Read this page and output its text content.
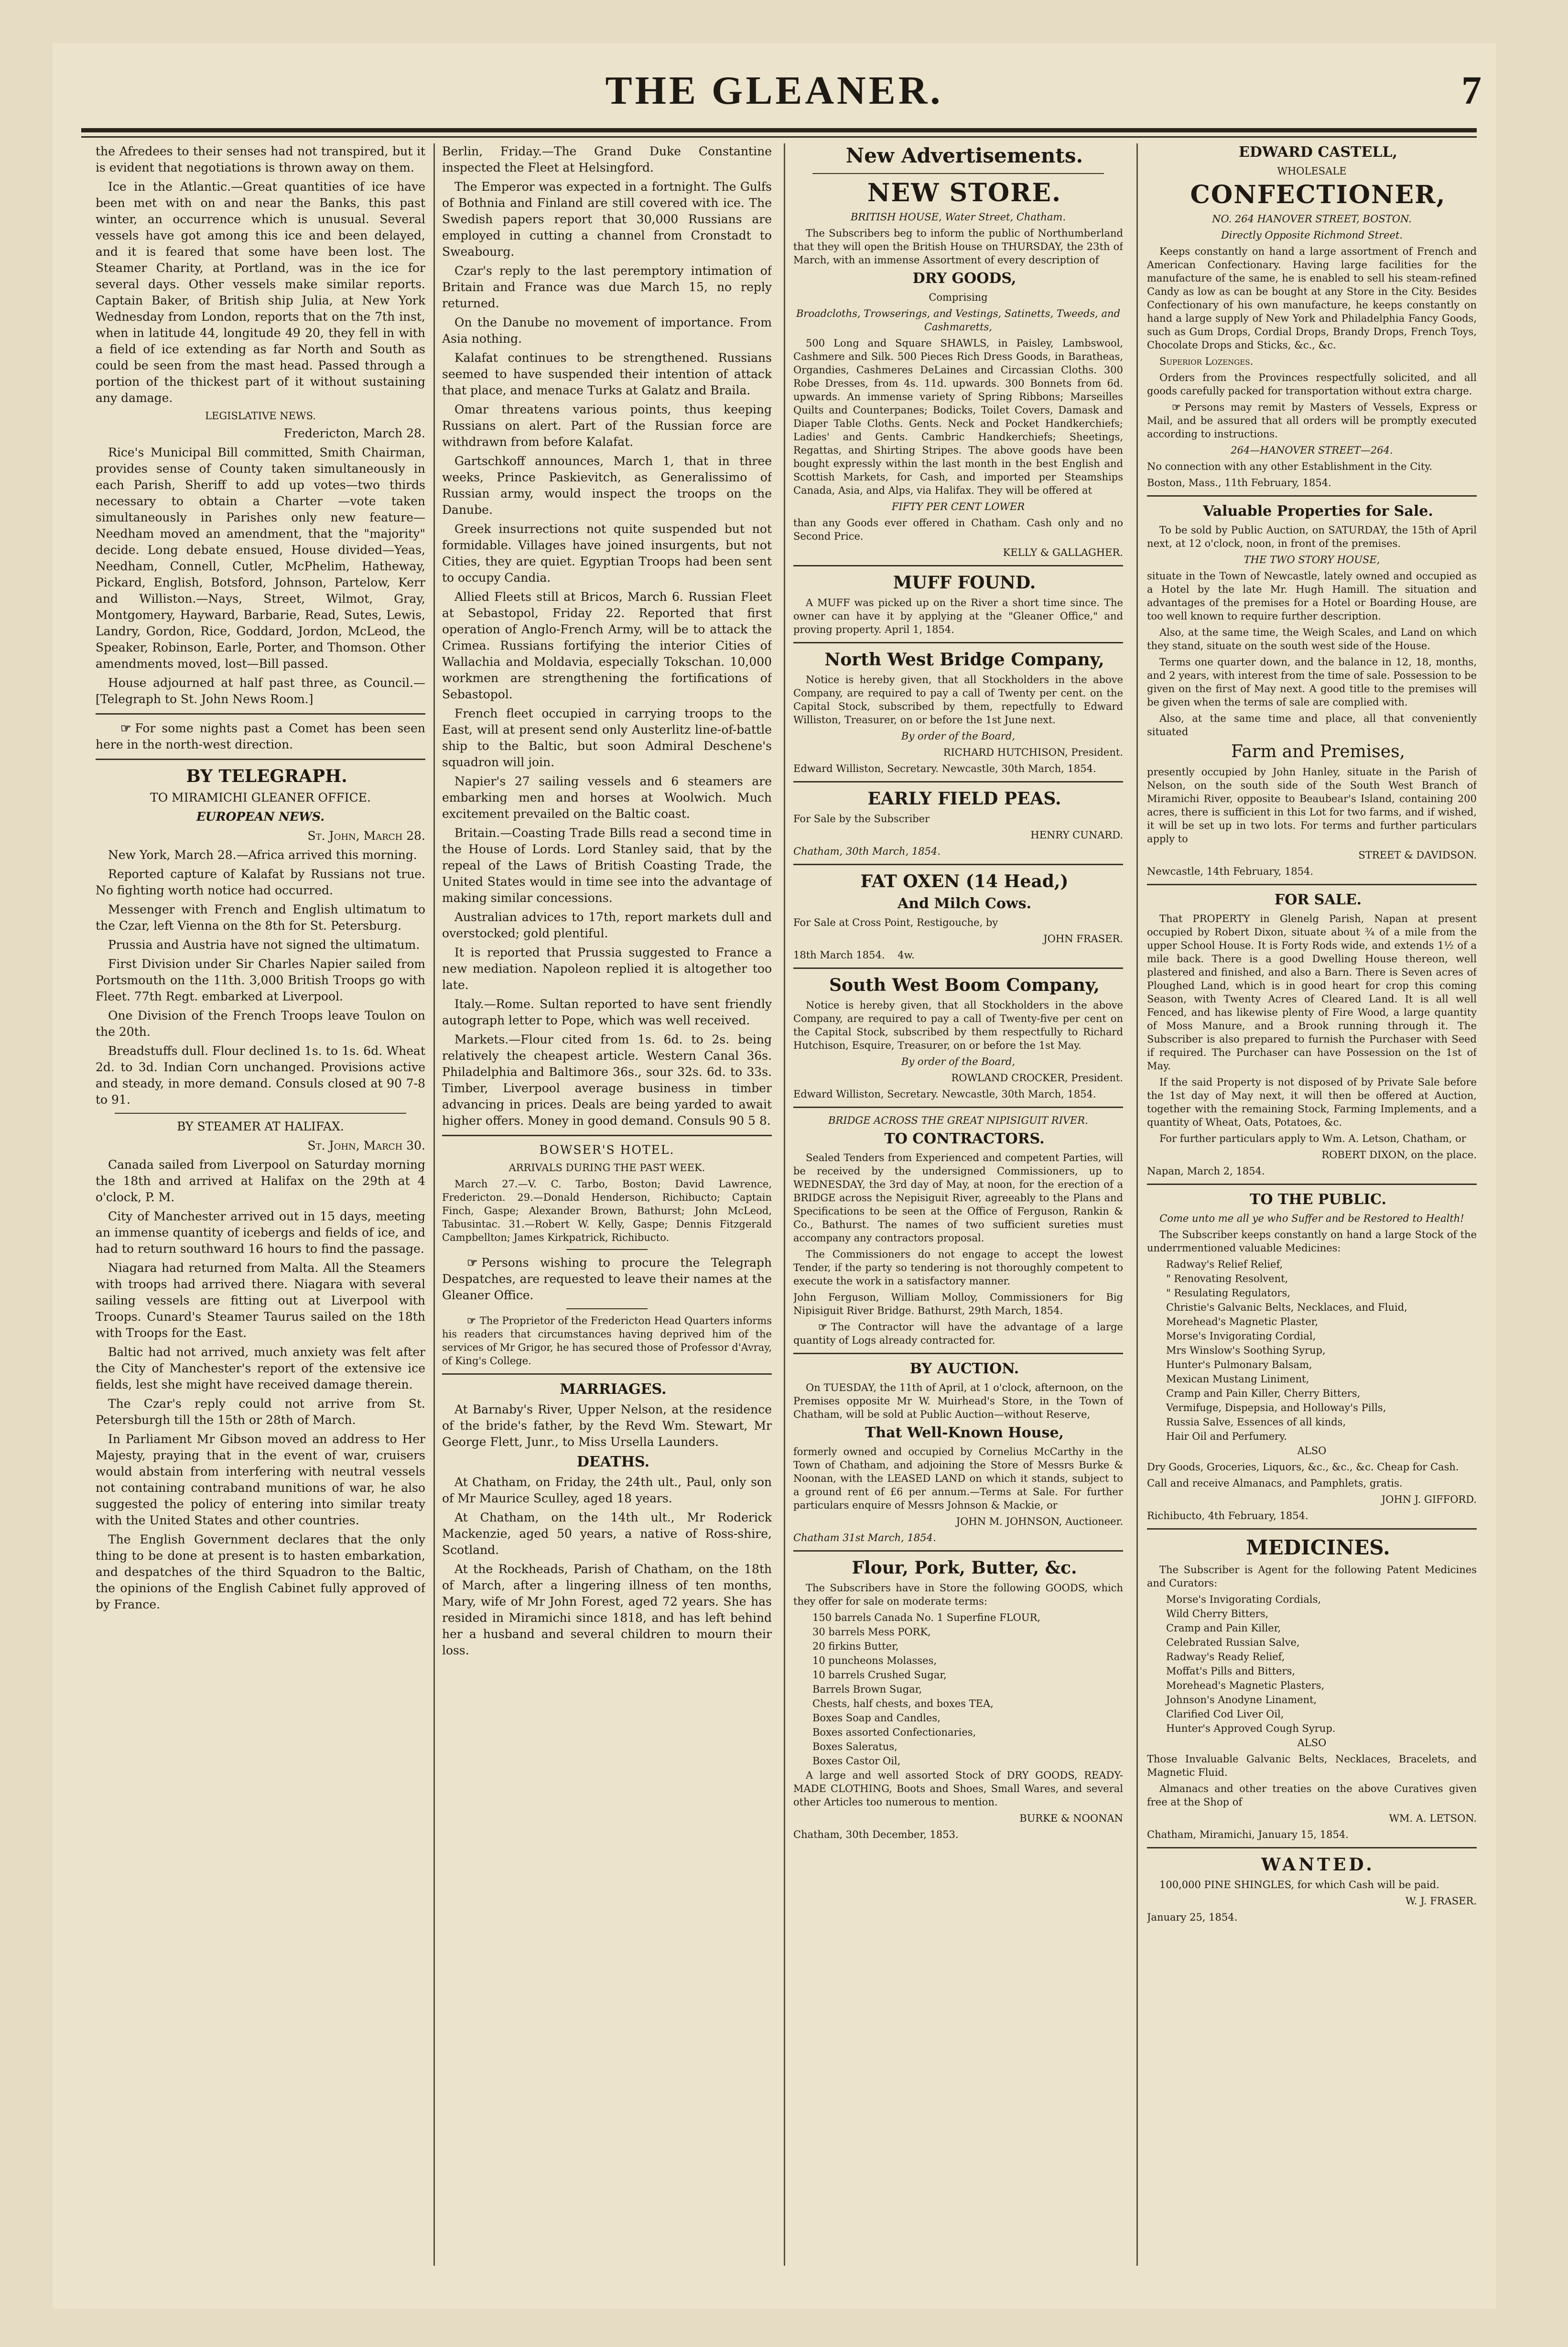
THE GLEANER.	7

the Afredees to their senses had not transpired, but it is evident that negotiations is thrown away on them.

Ice in the Atlantic.—Great quantities of ice have been met with on and near the Banks, this past winter, an occurrence which is unusual. Several vessels have got among this ice and been delayed, and it is feared that some have been lost. The Steamer Charity, at Portland, was in the ice for several days. Other vessels make similar reports. Captain Baker, of British ship Julia, at New York Wednesday from London, reports that on the 7th inst, when in latitude 44, longitude 49 20, they fell in with a field of ice extending as far North and South as could be seen from the mast head. Passed through a portion of the thickest part of it without sustaining any damage.

LEGISLATIVE NEWS.

Fredericton, March 28.

Rice's Municipal Bill committed, Smith Chairman, provides sense of County taken simultaneously in each Parish, Sheriff to add up votes—two thirds necessary to obtain a Charter —vote taken simultaneously in Parishes only new feature—Needham moved an amendment, that the "majority" decide. Long debate ensued, House divided—Yeas, Needham, Connell, Cutler, McPhelim, Hatheway, Pickard, English, Botsford, Johnson, Partelow, Kerr and Williston.—Nays, Street, Wilmot, Gray, Montgomery, Hayward, Barbarie, Read, Sutes, Lewis, Landry, Gordon, Rice, Goddard, Jordon, McLeod, the Speaker, Robinson, Earle, Porter, and Thomson. Other amendments moved, lost—Bill passed.

House adjourned at half past three, as Council.—[Telegraph to St. John News Room.]

☞ For some nights past a Comet has been seen here in the north-west direction.

BY TELEGRAPH.

TO MIRAMICHI GLEANER OFFICE.

EUROPEAN NEWS.

St. John, March 28.

New York, March 28.—Africa arrived this morning.

Reported capture of Kalafat by Russians not true. No fighting worth notice had occurred.

Messenger with French and English ultimatum to the Czar, left Vienna on the 8th for St. Petersburg.

Prussia and Austria have not signed the ultimatum.

First Division under Sir Charles Napier sailed from Portsmouth on the 11th. 3,000 British Troops go with Fleet. 77th Regt. embarked at Liverpool.

One Division of the French Troops leave Toulon on the 20th.

Breadstuffs dull. Flour declined 1s. to 1s. 6d. Wheat 2d. to 3d. Indian Corn unchanged. Provisions active and steady, in more demand. Consuls closed at 90 7-8 to 91.

BY STEAMER AT HALIFAX.

St. John, March 30.

Canada sailed from Liverpool on Saturday morning the 18th and arrived at Halifax on the 29th at 4 o'clock, P. M.

City of Manchester arrived out in 15 days, meeting an immense quantity of icebergs and fields of ice, and had to return southward 16 hours to find the passage.

Niagara had returned from Malta. All the Steamers with troops had arrived there. Niagara with several sailing vessels are fitting out at Liverpool with Troops. Cunard's Steamer Taurus sailed on the 18th with Troops for the East.

Baltic had not arrived, much anxiety was felt after the City of Manchester's report of the extensive ice fields, lest she might have received damage therein.

The Czar's reply could not arrive from St. Petersburgh till the 15th or 28th of March.

In Parliament Mr Gibson moved an address to Her Majesty, praying that in the event of war, cruisers would abstain from interfering with neutral vessels not containing contraband munitions of war, he also suggested the policy of entering into similar treaty with the United States and other countries.

The English Government declares that the only thing to be done at present is to hasten embarkation, and despatches of the third Squadron to the Baltic, the opinions of the English Cabinet fully approved of by France.

Berlin, Friday.—The Grand Duke Constantine inspected the Fleet at Helsingford.

The Emperor was expected in a fortnight. The Gulfs of Bothnia and Finland are still covered with ice. The Swedish papers report that 30,000 Russians are employed in cutting a channel from Cronstadt to Sweabourg.

Czar's reply to the last peremptory intimation of Britain and France was due March 15, no reply returned.

On the Danube no movement of importance. From Asia nothing.

Kalafat continues to be strengthened. Russians seemed to have suspended their intention of attack that place, and menace Turks at Galatz and Braila.

Omar threatens various points, thus keeping Russians on alert. Part of the Russian force are withdrawn from before Kalafat.

Gartschkoff announces, March 1, that in three weeks, Prince Paskievitch, as Generalissimo of Russian army, would inspect the troops on the Danube.

Greek insurrections not quite suspended but not formidable. Villages have joined insurgents, but not Cities, they are quiet. Egyptian Troops had been sent to occupy Candia.

Allied Fleets still at Bricos, March 6. Russian Fleet at Sebastopol, Friday 22. Reported that first operation of Anglo-French Army, will be to attack the Crimea. Russians fortifying the interior Cities of Wallachia and Moldavia, especially Tokschan. 10,000 workmen are strengthening the fortifications of Sebastopol.

French fleet occupied in carrying troops to the East, will at present send only Austerlitz line-of-battle ship to the Baltic, but soon Admiral Deschene's squadron will join.

Napier's 27 sailing vessels and 6 steamers are embarking men and horses at Woolwich. Much excitement prevailed on the Baltic coast.

Britain.—Coasting Trade Bills read a second time in the House of Lords. Lord Stanley said, that by the repeal of the Laws of British Coasting Trade, the United States would in time see into the advantage of making similar concessions.

Australian advices to 17th, report markets dull and overstocked; gold plentiful.

It is reported that Prussia suggested to France a new mediation. Napoleon replied it is altogether too late.

Italy.—Rome. Sultan reported to have sent friendly autograph letter to Pope, which was well received.

Markets.—Flour cited from 1s. 6d. to 2s. being relatively the cheapest article. Western Canal 36s. Philadelphia and Baltimore 36s., sour 32s. 6d. to 33s. Timber, Liverpool average business in timber advancing in prices. Deals are being yarded to await higher offers. Money in good demand. Consuls 90 5 8.

BOWSER'S HOTEL.

ARRIVALS DURING THE PAST WEEK.

March 27.—V. C. Tarbo, Boston; David Lawrence, Fredericton. 29.—Donald Henderson, Richibucto; Captain Finch, Gaspe; Alexander Brown, Bathurst; John McLeod, Tabusintac. 31.—Robert W. Kelly, Gaspe; Dennis Fitzgerald Campbellton; James Kirkpatrick, Richibucto.

☞ Persons wishing to procure the Telegraph Despatches, are requested to leave their names at the Gleaner Office.

☞ The Proprietor of the Fredericton Head Quarters informs his readers that circumstances having deprived him of the services of Mr Grigor, he has secured those of Professor d'Avray, of King's College.

MARRIAGES.

At Barnaby's River, Upper Nelson, at the residence of the bride's father, by the Revd Wm. Stewart, Mr George Flett, Junr., to Miss Ursella Launders.

DEATHS.

At Chatham, on Friday, the 24th ult., Paul, only son of Mr Maurice Sculley, aged 18 years.

At Chatham, on the 14th ult., Mr Roderick Mackenzie, aged 50 years, a native of Ross-shire, Scotland.

At the Rockheads, Parish of Chatham, on the 18th of March, after a lingering illness of ten months, Mary, wife of Mr John Forest, aged 72 years. She has resided in Miramichi since 1818, and has left behind her a husband and several children to mourn their loss.

New Advertisements.

NEW STORE.

BRITISH HOUSE, Water Street, Chatham.

The Subscribers beg to inform the public of Northumberland that they will open the British House on THURSDAY, the 23th of March, with an immense Assortment of every description of

DRY GOODS,

Comprising

Broadcloths, Trowserings, and Vestings, Satinetts, Tweeds, and Cashmaretts,

500 Long and Square SHAWLS, in Paisley, Lambswool, Cashmere and Silk. 500 Pieces Rich Dress Goods, in Baratheas, Organdies, Cashmeres DeLaines and Circassian Cloths. 300 Robe Dresses, from 4s. 11d. upwards. 300 Bonnets from 6d. upwards. An immense variety of Spring Ribbons; Marseilles Quilts and Counterpanes; Bodicks, Toilet Covers, Damask and Diaper Table Cloths. Gents. Neck and Pocket Handkerchiefs; Ladies' and Gents. Cambric Handkerchiefs; Sheetings, Regattas, and Shirting Stripes. The above goods have been bought expressly within the last month in the best English and Scottish Markets, for Cash, and imported per Steamships Canada, Asia, and Alps, via Halifax. They will be offered at

FIFTY PER CENT LOWER

than any Goods ever offered in Chatham. Cash only and no Second Price.

KELLY & GALLAGHER.

MUFF FOUND.

A MUFF was picked up on the River a short time since. The owner can have it by applying at the "Gleaner Office," and proving property. April 1, 1854.

North West Bridge Company,

Notice is hereby given, that all Stockholders in the above Company, are required to pay a call of Twenty per cent. on the Capital Stock, subscribed by them, repectfully to Edward Williston, Treasurer, on or before the 1st June next.

By order of the Board,

RICHARD HUTCHISON, President.

Edward Williston, Secretary. Newcastle, 30th March, 1854.

EARLY FIELD PEAS.

For Sale by the Subscriber

HENRY CUNARD.

Chatham, 30th March, 1854.

FAT OXEN (14 Head,)

And Milch Cows.

For Sale at Cross Point, Restigouche, by

JOHN FRASER.

18th March 1854. 4w.

South West Boom Company,

Notice is hereby given, that all Stockholders in the above Company, are required to pay a call of Twenty-five per cent on the Capital Stock, subscribed by them respectfully to Richard Hutchison, Esquire, Treasurer, on or before the 1st May.

By order of the Board,

ROWLAND CROCKER, President.

Edward Williston, Secretary. Newcastle, 30th March, 1854.

BRIDGE ACROSS THE GREAT NIPISIGUIT RIVER.

TO CONTRACTORS.

Sealed Tenders from Experienced and competent Parties, will be received by the undersigned Commissioners, up to WEDNESDAY, the 3rd day of May, at noon, for the erection of a BRIDGE across the Nepisiguit River, agreeably to the Plans and Specifications to be seen at the Office of Ferguson, Rankin & Co., Bathurst. The names of two sufficient sureties must accompany any contractors proposal.

The Commissioners do not engage to accept the lowest Tender, if the party so tendering is not thoroughly competent to execute the work in a satisfactory manner.

John Ferguson, William Molloy, Commissioners for Big Nipisiguit River Bridge. Bathurst, 29th March, 1854.

☞ The Contractor will have the advantage of a large quantity of Logs already contracted for.

BY AUCTION.

On TUESDAY, the 11th of April, at 1 o'clock, afternoon, on the Premises opposite Mr W. Muirhead's Store, in the Town of Chatham, will be sold at Public Auction—without Reserve,

That Well-Known House,

formerly owned and occupied by Cornelius McCarthy in the Town of Chatham, and adjoining the Store of Messrs Burke & Noonan, with the LEASED LAND on which it stands, subject to a ground rent of £6 per annum.—Terms at Sale. For further particulars enquire of Messrs Johnson & Mackie, or

JOHN M. JOHNSON, Auctioneer.

Chatham 31st March, 1854.

Flour, Pork, Butter, &c.

The Subscribers have in Store the following GOODS, which they offer for sale on moderate terms:

150 barrels Canada No. 1 Superfine FLOUR,

30 barrels Mess PORK,

20 firkins Butter,

10 puncheons Molasses,

10 barrels Crushed Sugar,

Barrels Brown Sugar,

Chests, half chests, and boxes TEA,

Boxes Soap and Candles,

Boxes assorted Confectionaries,

Boxes Saleratus,

Boxes Castor Oil,

A large and well assorted Stock of DRY GOODS, READY-MADE CLOTHING, Boots and Shoes, Small Wares, and several other Articles too numerous to mention.

BURKE & NOONAN

Chatham, 30th December, 1853.

EDWARD CASTELL,

WHOLESALE

CONFECTIONER,

NO. 264 HANOVER STREET, BOSTON.

Directly Opposite Richmond Street.

Keeps constantly on hand a large assortment of French and American Confectionary. Having large facilities for the manufacture of the same, he is enabled to sell his steam-refined Candy as low as can be bought at any Store in the City. Besides Confectionary of his own manufacture, he keeps constantly on hand a large supply of New York and Philadelphia Fancy Goods, such as Gum Drops, Cordial Drops, Brandy Drops, French Toys, Chocolate Drops and Sticks, &c., &c.

Superior Lozenges.

Orders from the Provinces respectfully solicited, and all goods carefully packed for transportation without extra charge.

☞ Persons may remit by Masters of Vessels, Express or Mail, and be assured that all orders will be promptly executed according to instructions.

264—HANOVER STREET—264.

No connection with any other Establishment in the City.

Boston, Mass., 11th February, 1854.

Valuable Properties for Sale.

To be sold by Public Auction, on SATURDAY, the 15th of April next, at 12 o'clock, noon, in front of the premises.

THE TWO STORY HOUSE,

situate in the Town of Newcastle, lately owned and occupied as a Hotel by the late Mr. Hugh Hamill. The situation and advantages of the premises for a Hotel or Boarding House, are too well known to require further description.

Also, at the same time, the Weigh Scales, and Land on which they stand, situate on the south west side of the House.

Terms one quarter down, and the balance in 12, 18, months, and 2 years, with interest from the time of sale. Possession to be given on the first of May next. A good title to the premises will be given when the terms of sale are complied with.

Also, at the same time and place, all that conveniently situated

Farm and Premises,

presently occupied by John Hanley, situate in the Parish of Nelson, on the south side of the South West Branch of Miramichi River, opposite to Beaubear's Island, containing 200 acres, there is sufficient in this Lot for two farms, and if wished, it will be set up in two lots. For terms and further particulars apply to

STREET & DAVIDSON.

Newcastle, 14th February, 1854.

FOR SALE.

That PROPERTY in Glenelg Parish, Napan at present occupied by Robert Dixon, situate about ¾ of a mile from the upper School House. It is Forty Rods wide, and extends 1½ of a mile back. There is a good Dwelling House thereon, well plastered and finished, and also a Barn. There is Seven acres of Ploughed Land, which is in good heart for crop this coming Season, with Twenty Acres of Cleared Land. It is all well Fenced, and has likewise plenty of Fire Wood, a large quantity of Moss Manure, and a Brook running through it. The Subscriber is also prepared to furnish the Purchaser with Seed if required. The Purchaser can have Possession on the 1st of May.

If the said Property is not disposed of by Private Sale before the 1st day of May next, it will then be offered at Auction, together with the remaining Stock, Farming Implements, and a quantity of Wheat, Oats, Potatoes, &c.

For further particulars apply to Wm. A. Letson, Chatham, or

ROBERT DIXON, on the place.

Napan, March 2, 1854.

TO THE PUBLIC.

Come unto me all ye who Suffer and be Restored to Health!

The Subscriber keeps constantly on hand a large Stock of the underrmentioned valuable Medicines:

Radway's Relief Relief,

" Renovating Resolvent,

" Resulating Regulators,

Christie's Galvanic Belts, Necklaces, and Fluid,

Morehead's Magnetic Plaster,

Morse's Invigorating Cordial,

Mrs Winslow's Soothing Syrup,

Hunter's Pulmonary Balsam,

Mexican Mustang Liniment,

Cramp and Pain Killer, Cherry Bitters,

Vermifuge, Dispepsia, and Holloway's Pills,

Russia Salve, Essences of all kinds,

Hair Oil and Perfumery.

ALSO

Dry Goods, Groceries, Liquors, &c., &c., &c. Cheap for Cash.

Call and receive Almanacs, and Pamphlets, gratis.

JOHN J. GIFFORD.

Richibucto, 4th February, 1854.

MEDICINES.

The Subscriber is Agent for the following Patent Medicines and Curators:

Morse's Invigorating Cordials,

Wild Cherry Bitters,

Cramp and Pain Killer,

Celebrated Russian Salve,

Radway's Ready Relief,

Moffat's Pills and Bitters,

Morehead's Magnetic Plasters,

Johnson's Anodyne Linament,

Clarified Cod Liver Oil,

Hunter's Approved Cough Syrup.

ALSO

Those Invaluable Galvanic Belts, Necklaces, Bracelets, and Magnetic Fluid.

Almanacs and other treaties on the above Curatives given free at the Shop of

WM. A. LETSON.

Chatham, Miramichi, January 15, 1854.

WANTED.

100,000 PINE SHINGLES, for which Cash will be paid.

W. J. FRASER.

January 25, 1854.
